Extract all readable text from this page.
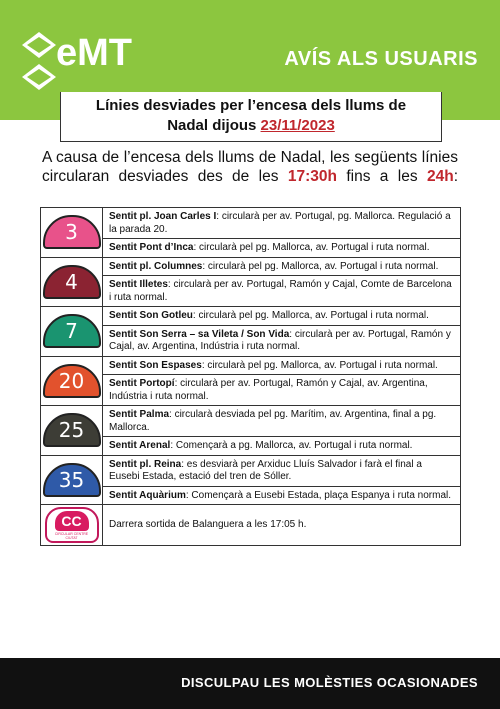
eMT	AVÍS ALS USUARIS
Línies desviades per l’encesa dels llums de
Nadal dijous 23/11/2023
A causa de l’encesa dels llums de Nadal, les següents línies circularan desviades des de les 17:30h fins a les 24h:
3	Sentit pl. Joan Carles I: circularà per av. Portugal, pg. Mallorca. Regulació a la parada 20.
	Sentit Pont d’Inca: circularà pel pg. Mallorca, av. Portugal i ruta normal.

4	Sentit pl. Columnes: circularà pel pg. Mallorca, av. Portugal i ruta normal.
	Sentit Illetes: circularà per av. Portugal, Ramón y Cajal, Comte de Barcelona i ruta normal.

7	Sentit Son Gotleu: circularà pel pg. Mallorca, av. Portugal i ruta normal.
	Sentit Son Serra – sa Vileta / Son Vida: circularà per av. Portugal, Ramón y Cajal, av. Argentina, Indústria i ruta normal.

20	Sentit Son Espases: circularà pel pg. Mallorca, av. Portugal i ruta normal.
	Sentit Portopí: circularà per av. Portugal, Ramón y Cajal, av. Argentina, Indústria i ruta normal.

25	Sentit Palma: circularà desviada pel pg. Marítim, av. Argentina, final a pg. Mallorca.
	Sentit Arenal: Començarà a pg. Mallorca, av. Portugal i ruta normal.

35	Sentit pl. Reina: es desviarà per Arxiduc Lluís Salvador i farà el final a Eusebi Estada, estació del tren de Sóller.
	Sentit Aquàrium: Començarà a Eusebi Estada, plaça Espanya i ruta normal.

CC
CIRCULAR CENTRE CIUTAT	Darrera sortida de Balanguera a les 17:05 h.
DISCULPAU LES MOLÈSTIES OCASIONADES
